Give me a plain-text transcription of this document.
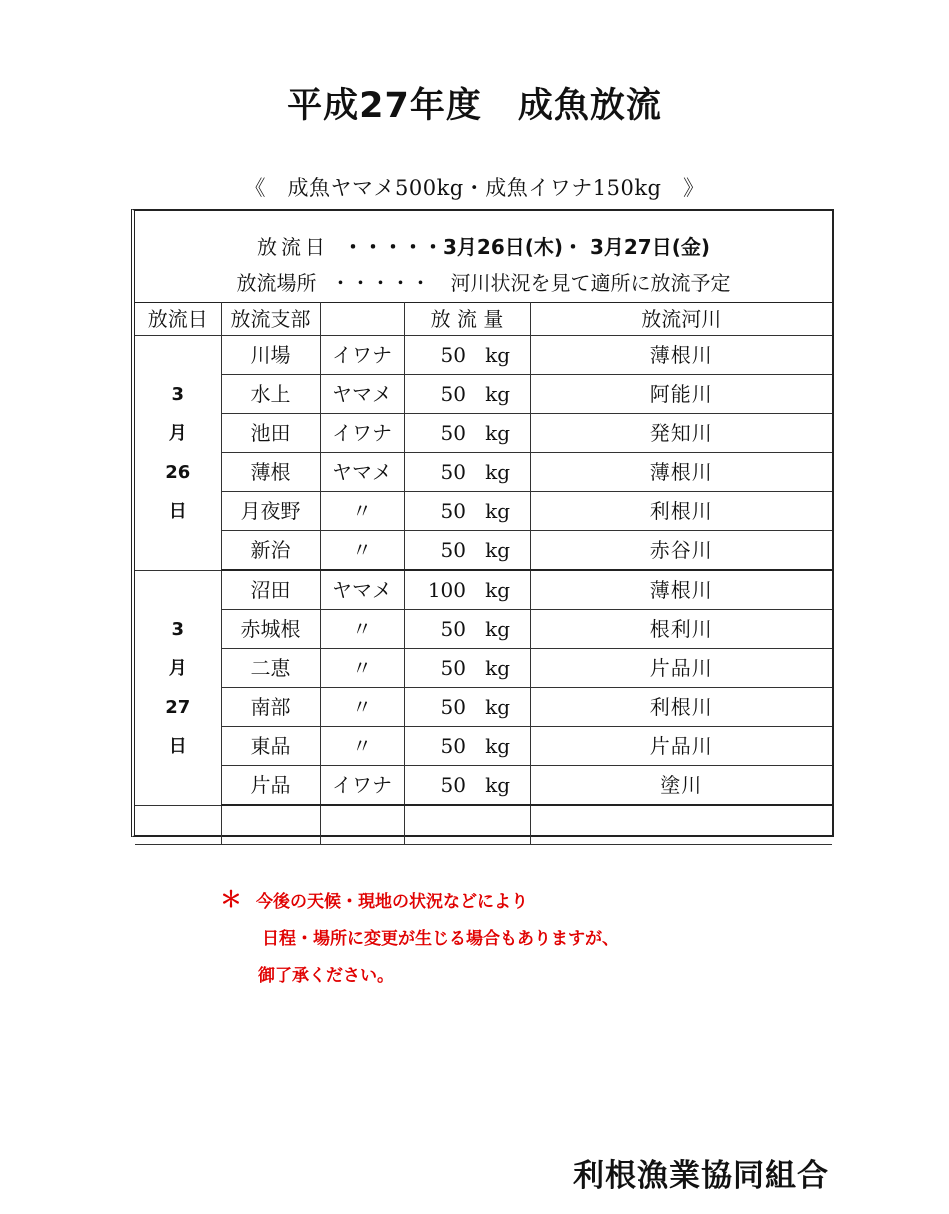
平成27年度　成魚放流
《　成魚ヤマメ500kg・成魚イワナ150kg　》
放流日 ・・・・・3月26日(木)・ 3月27日(金)
放流場所 ・・・・・　河川状況を見て適所に放流予定
放流日	放流支部		放 流 量	放流河川

3
月
26
日	川場	イワナ	50 kg	薄根川
	水上	ヤマメ	50 kg	阿能川
	池田	イワナ	50 kg	発知川
	薄根	ヤマメ	50 kg	薄根川
	月夜野	〃	50 kg	利根川
	新治	〃	50 kg	赤谷川

3
月
27
日	沼田	ヤマメ	100 kg	薄根川
	赤城根	〃	50 kg	根利川
	二恵	〃	50 kg	片品川
	南部	〃	50 kg	利根川
	東品	〃	50 kg	片品川
	片品	イワナ	50 kg	塗川

＊ 今後の天候・現地の状況などにより
日程・場所に変更が生じる場合もありますが、
御了承ください。
利根漁業協同組合
